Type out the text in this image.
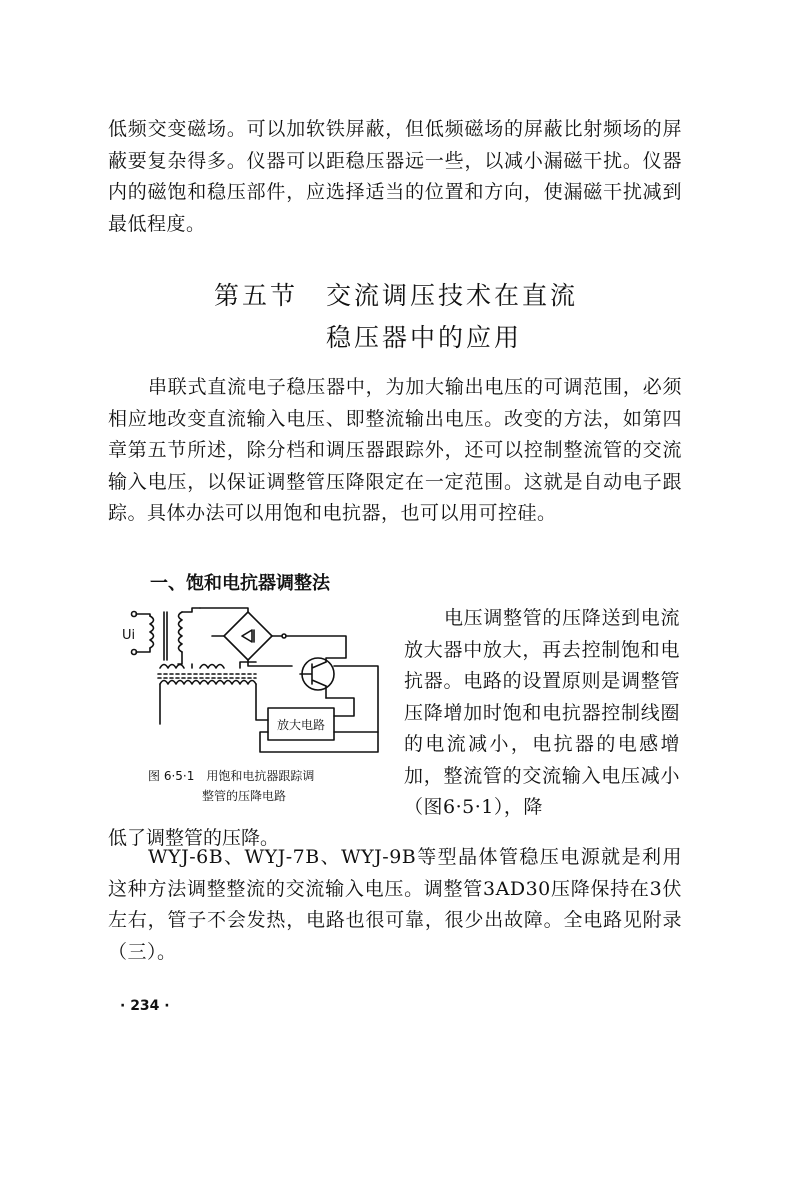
低频交变磁场。可以加软铁屏蔽，但低频磁场的屏蔽比射频场的屏蔽要复杂得多。仪器可以距稳压器远一些，以减小漏磁干扰。仪器内的磁饱和稳压部件，应选择适当的位置和方向，使漏磁干扰减到最低程度。

第五节　交流调压技术在直流
稳压器中的应用

串联式直流电子稳压器中，为加大输出电压的可调范围，必须相应地改变直流输入电压、即整流输出电压。改变的方法，如第四章第五节所述，除分档和调压器跟踪外，还可以控制整流管的交流输入电压，以保证调整管压降限定在一定范围。这就是自动电子跟踪。具体办法可以用饱和电抗器，也可以用可控硅。

一、饱和电抗器调整法
Ui
放大电路

图 6·5·1　用饱和电抗器跟踪调
整管的压降电路

电压调整管的压降送到电流放大器中放大，再去控制饱和电抗器。电路的设置原则是调整管压降增加时饱和电抗器控制线圈的电流减小，电抗器的电感增加，整流管的交流输入电压减小（图6·5·1），降

低了调整管的压降。

WYJ-6B、WYJ-7B、WYJ-9B等型晶体管稳压电源就是利用这种方法调整整流的交流输入电压。调整管3AD30压降保持在3伏左右，管子不会发热，电路也很可靠，很少出故障。全电路见附录（三）。

· 234 ·
